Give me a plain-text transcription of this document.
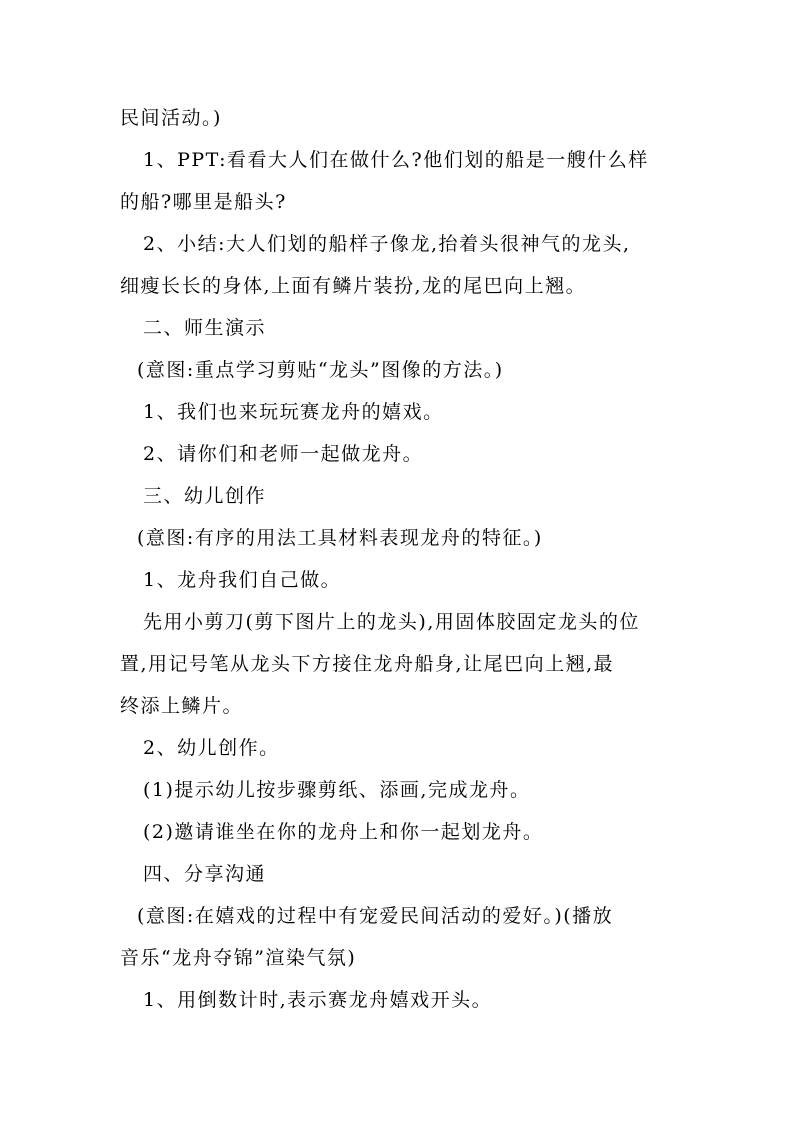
民间活动。)
1、PPT:看看大人们在做什么?他们划的船是一艘什么样
的船?哪里是船头?
2、小结:大人们划的船样子像龙,抬着头很神气的龙头,
细瘦长长的身体,上面有鳞片装扮,龙的尾巴向上翘。
二、师生演示
(意图:重点学习剪贴“龙头”图像的方法。)
1、我们也来玩玩赛龙舟的嬉戏。
2、请你们和老师一起做龙舟。
三、幼儿创作
(意图:有序的用法工具材料表现龙舟的特征。)
1、龙舟我们自己做。
先用小剪刀(剪下图片上的龙头),用固体胶固定龙头的位
置,用记号笔从龙头下方接住龙舟船身,让尾巴向上翘,最
终添上鳞片。
2、幼儿创作。
(1)提示幼儿按步骤剪纸、添画,完成龙舟。
(2)邀请谁坐在你的龙舟上和你一起划龙舟。
四、分享沟通
(意图:在嬉戏的过程中有宠爱民间活动的爱好。)(播放
音乐“龙舟夺锦”渲染气氛)
1、用倒数计时,表示赛龙舟嬉戏开头。
